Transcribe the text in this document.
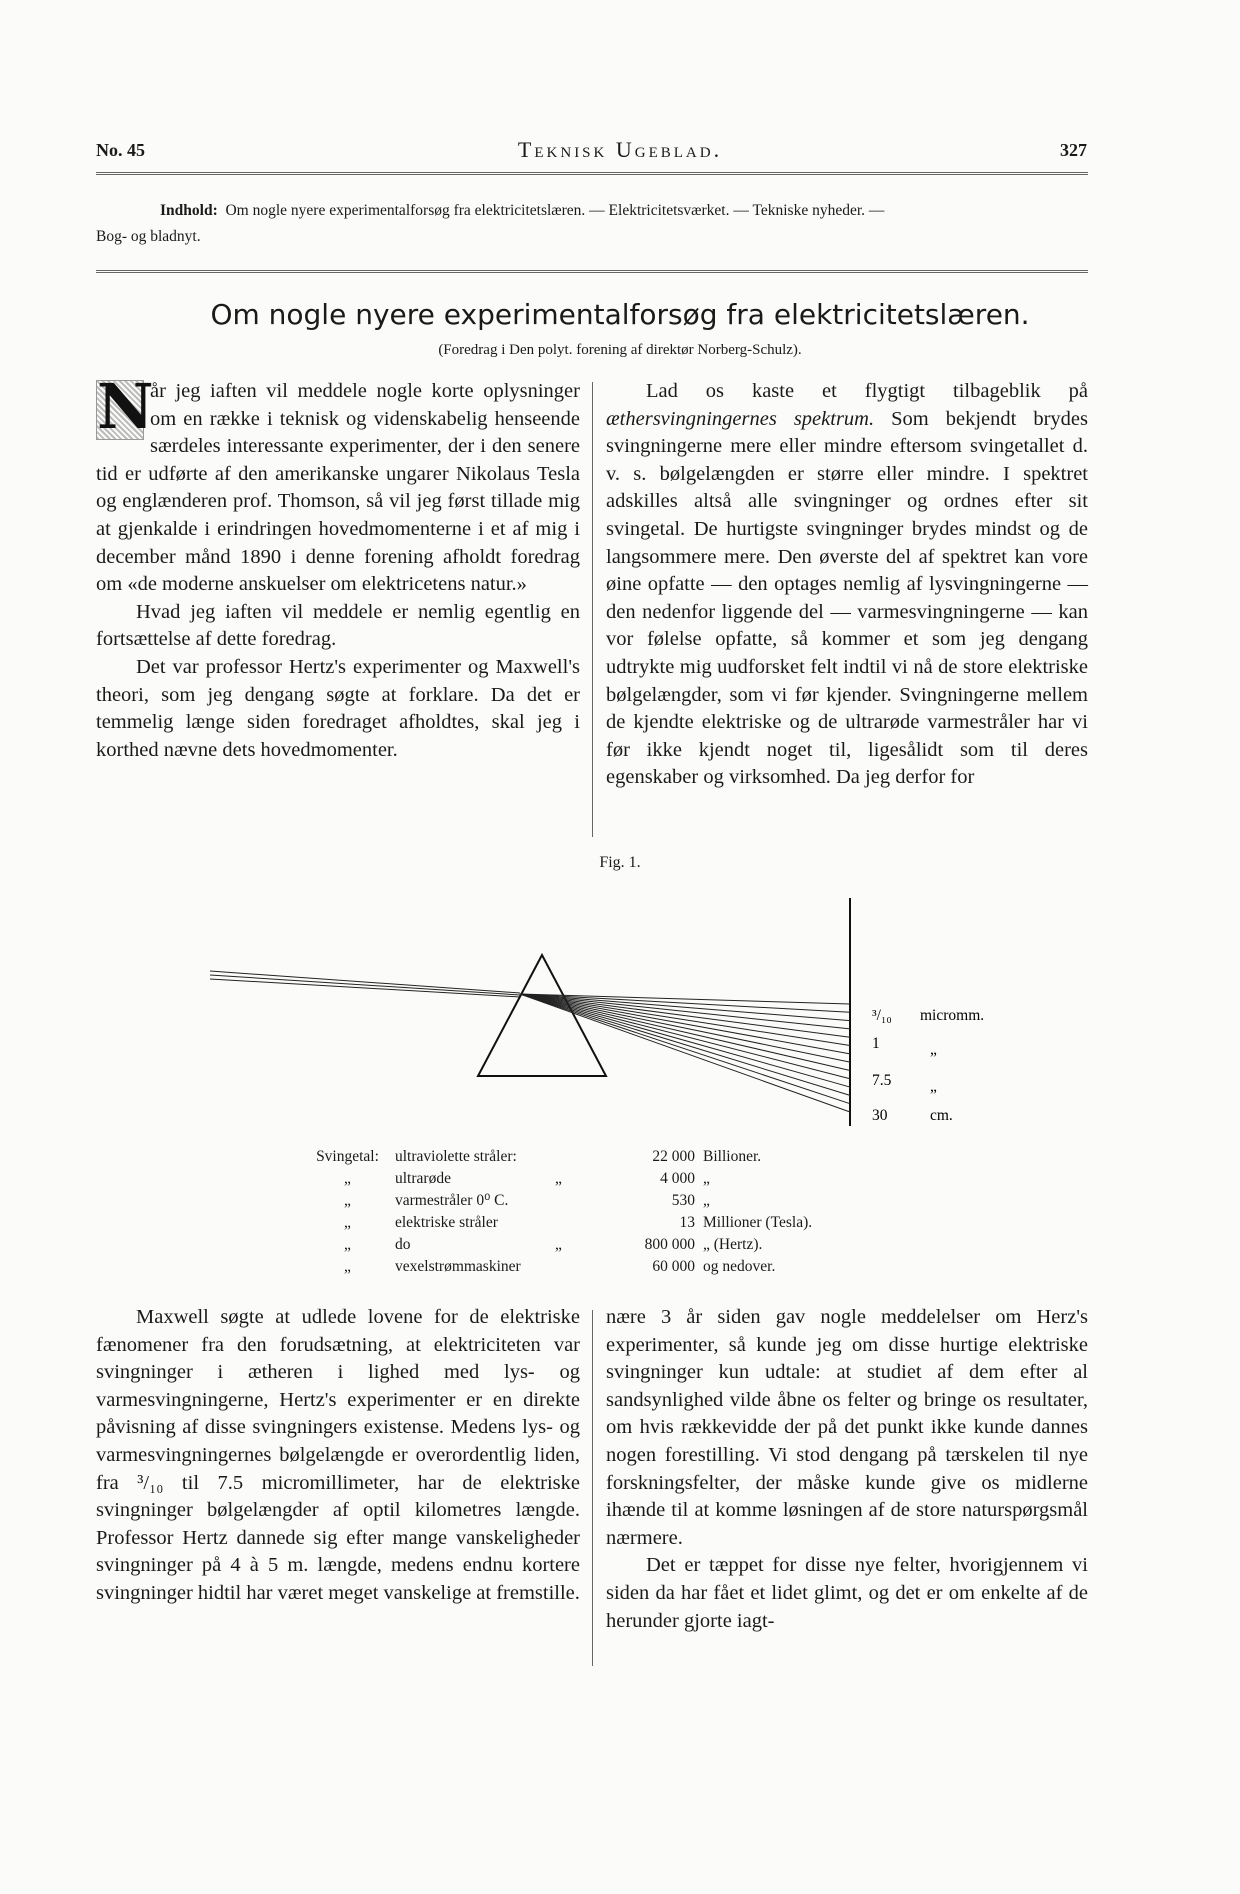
No. 45	Teknisk Ugeblad.	327
Indhold: Om nogle nyere experimentalforsøg fra elektricitetslæren. — Elektricitetsværket. — Tekniske nyheder. —
Bog- og bladnyt.
Om nogle nyere experimentalforsøg fra elektricitetslæren.
(Foredrag i Den polyt. forening af direktør Norberg-Schulz).

N
år jeg iaften vil meddele nogle korte oplysninger om en række i teknisk og videnskabelig henseende særdeles interessante experimenter, der i den senere tid er udførte af den amerikanske ungarer Nikolaus Tesla og englænderen prof. Thomson, så vil jeg først tillade mig at gjenkalde i erindringen hovedmomenterne i et af mig i december månd 1890 i denne forening afholdt foredrag om «de moderne anskuelser om elektricetens natur.»

Hvad jeg iaften vil meddele er nemlig egentlig en fortsættelse af dette foredrag.

Det var professor Hertz's experimenter og Maxwell's theori, som jeg dengang søgte at forklare. Da det er temmelig længe siden foredraget afholdtes, skal jeg i korthed nævne dets hovedmomenter.

Lad os kaste et flygtigt tilbageblik på æthersvingningernes spektrum. Som bekjendt brydes svingningerne mere eller mindre eftersom svingetallet d. v. s. bølgelængden er større eller mindre. I spektret adskilles altså alle svingninger og ordnes efter sit svingetal. De hurtigste svingninger brydes mindst og de langsommere mere. Den øverste del af spektret kan vore øine opfatte — den optages nemlig af lysvingningerne — den nedenfor liggende del — varmesvingningerne — kan vor følelse opfatte, så kommer et som jeg dengang udtrykte mig uudforsket felt indtil vi nå de store elektriske bølgelængder, som vi før kjender. Svingningerne mellem de kjendte elektriske og de ultrarøde varmestråler har vi før ikke kjendt noget til, ligesålidt som til deres egenskaber og virksomhed. Da jeg derfor for

Fig. 1.
³/₁₀ micromm.
1	„
7.5 „
30	cm.
Svingetal:	ultraviolette stråler:		22 000	Billioner.
„	ultrarøde	„	4 000	„
„	varmestråler 0⁰ C.		530	„
„	elektriske stråler		13	Millioner (Tesla).
„	do	„	800 000	„ (Hertz).
„	vexelstrømmaskiner		60 000	og nedover.

Maxwell søgte at udlede lovene for de elektriske fænomener fra den forudsætning, at elektriciteten var svingninger i ætheren i lighed med lys- og varmesvingningerne, Hertz's experimenter er en direkte påvisning af disse svingningers existense. Medens lys- og varmesvingningernes bølgelængde er overordentlig liden, fra ³/₁₀ til 7.5 micromillimeter, har de elektriske svingninger bølgelængder af optil kilometres længde. Professor Hertz dannede sig efter mange vanskeligheder svingninger på 4 à 5 m. længde, medens endnu kortere svingninger hidtil har været meget vanskelige at fremstille.

nære 3 år siden gav nogle meddelelser om Herz's experimenter, så kunde jeg om disse hurtige elektriske svingninger kun udtale: at studiet af dem efter al sandsynlighed vilde åbne os felter og bringe os resultater, om hvis rækkevidde der på det punkt ikke kunde dannes nogen forestilling. Vi stod dengang på tærskelen til nye forskningsfelter, der måske kunde give os midlerne ihænde til at komme løsningen af de store naturspørgsmål nærmere.

Det er tæppet for disse nye felter, hvorigjennem vi siden da har fået et lidet glimt, og det er om enkelte af de herunder gjorte iagt-
